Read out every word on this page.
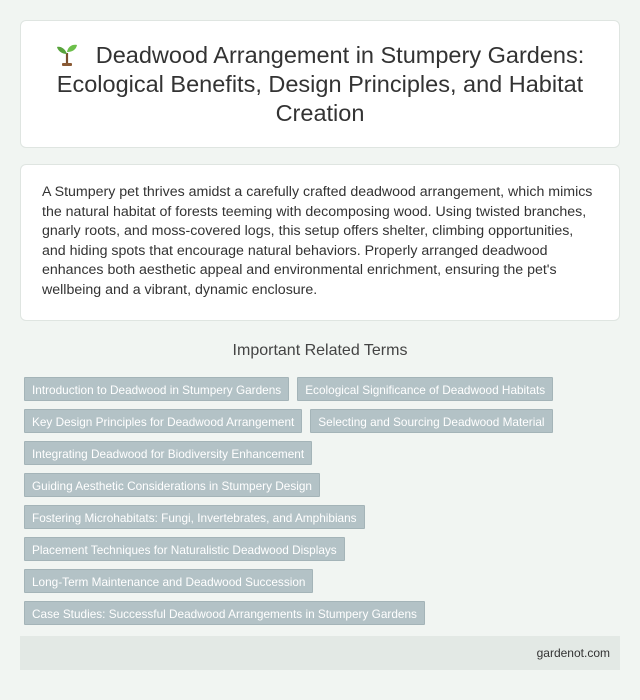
Deadwood Arrangement in Stumpery Gardens: Ecological Benefits, Design Principles, and Habitat Creation

A Stumpery pet thrives amidst a carefully crafted deadwood arrangement, which mimics the natural habitat of forests teeming with decomposing wood. Using twisted branches, gnarly roots, and moss-covered logs, this setup offers shelter, climbing opportunities, and hiding spots that encourage natural behaviors. Properly arranged deadwood enhances both aesthetic appeal and environmental enrichment, ensuring the pet's wellbeing and a vibrant, dynamic enclosure.

Important Related Terms
Introduction to Deadwood in Stumpery Gardens	Ecological Significance of Deadwood Habitats
Key Design Principles for Deadwood Arrangement	Selecting and Sourcing Deadwood Material
Integrating Deadwood for Biodiversity Enhancement
Guiding Aesthetic Considerations in Stumpery Design
Fostering Microhabitats: Fungi, Invertebrates, and Amphibians
Placement Techniques for Naturalistic Deadwood Displays
Long-Term Maintenance and Deadwood Succession
Case Studies: Successful Deadwood Arrangements in Stumpery Gardens
gardenot.com
